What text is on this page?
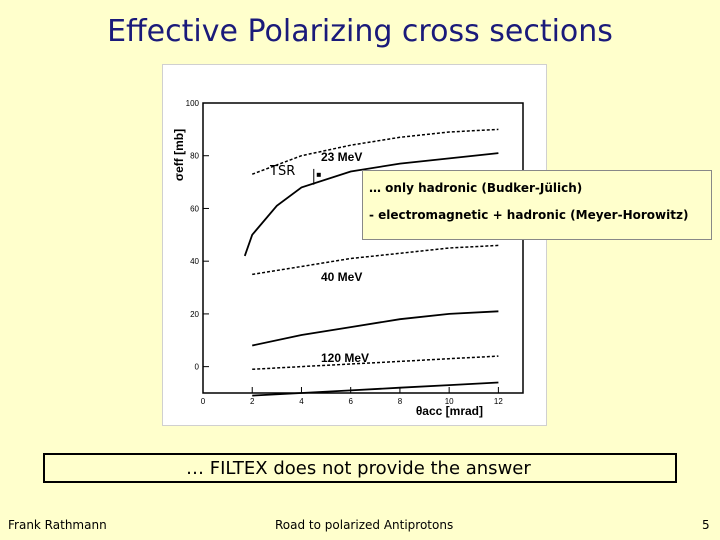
Effective Polarizing cross sections
0
20
40
60
80
100
0	2	4	6	8	10	12
σeff [mb]
θacc [mrad]
23 MeV
40 MeV
120 MeV
TSR
… only hadronic (Budker-Jülich)
- electromagnetic + hadronic (Meyer-Horowitz)
… FILTEX does not provide the answer
Frank Rathmann	Road to polarized Antiprotons	5
